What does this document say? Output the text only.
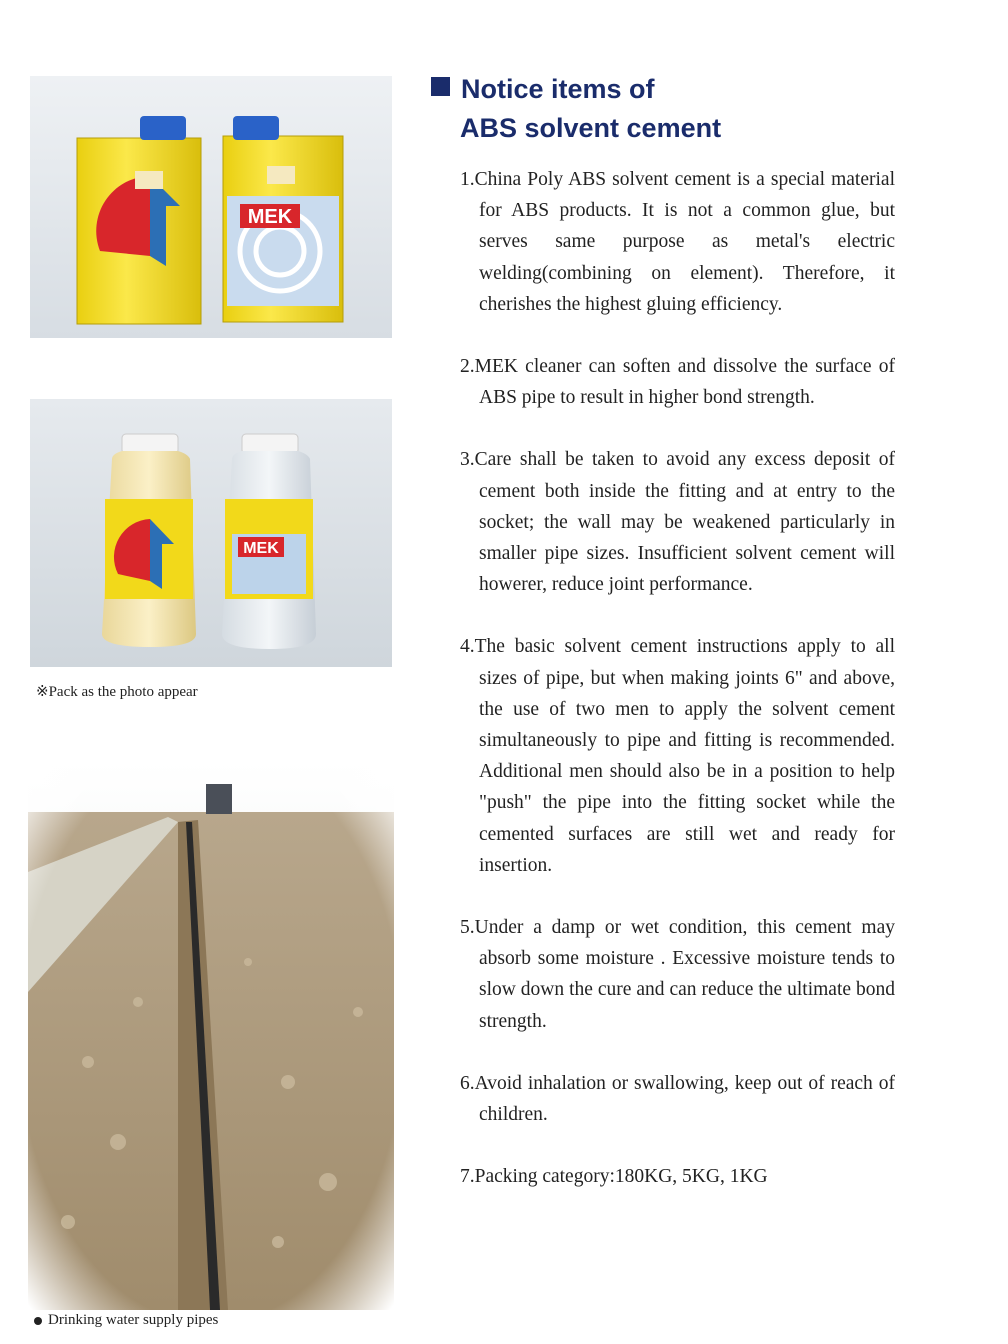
MEK
MEK
※Pack as the photo appear
Drinking water supply pipes
Notice items of
ABS solvent cement

1.China Poly ABS solvent cement is a special material for ABS products. It is not a common glue, but serves same purpose as metal's electric welding(combining on element). Therefore, it cherishes the highest gluing efficiency.

2.MEK cleaner can soften and dissolve the surface of ABS pipe to result in higher bond strength.

3.Care shall be taken to avoid any excess deposit of cement both inside the fitting and at entry to the socket; the wall may be weakened particularly in smaller pipe sizes. Insufficient solvent cement will howerer, reduce joint performance.

4.The basic solvent cement instructions apply to all sizes of pipe, but when making joints 6" and above, the use of two men to apply the solvent cement simultaneously to pipe and fitting is recommended. Additional men should also be in a position to help "push" the pipe into the fitting socket while the cemented surfaces are still wet and ready for insertion.

5.Under a damp or wet condition, this cement may absorb some moisture . Excessive moisture tends to slow down the cure and can reduce the ultimate bond strength.

6.Avoid inhalation or swallowing, keep out of reach of children.

7.Packing category:180KG, 5KG, 1KG
